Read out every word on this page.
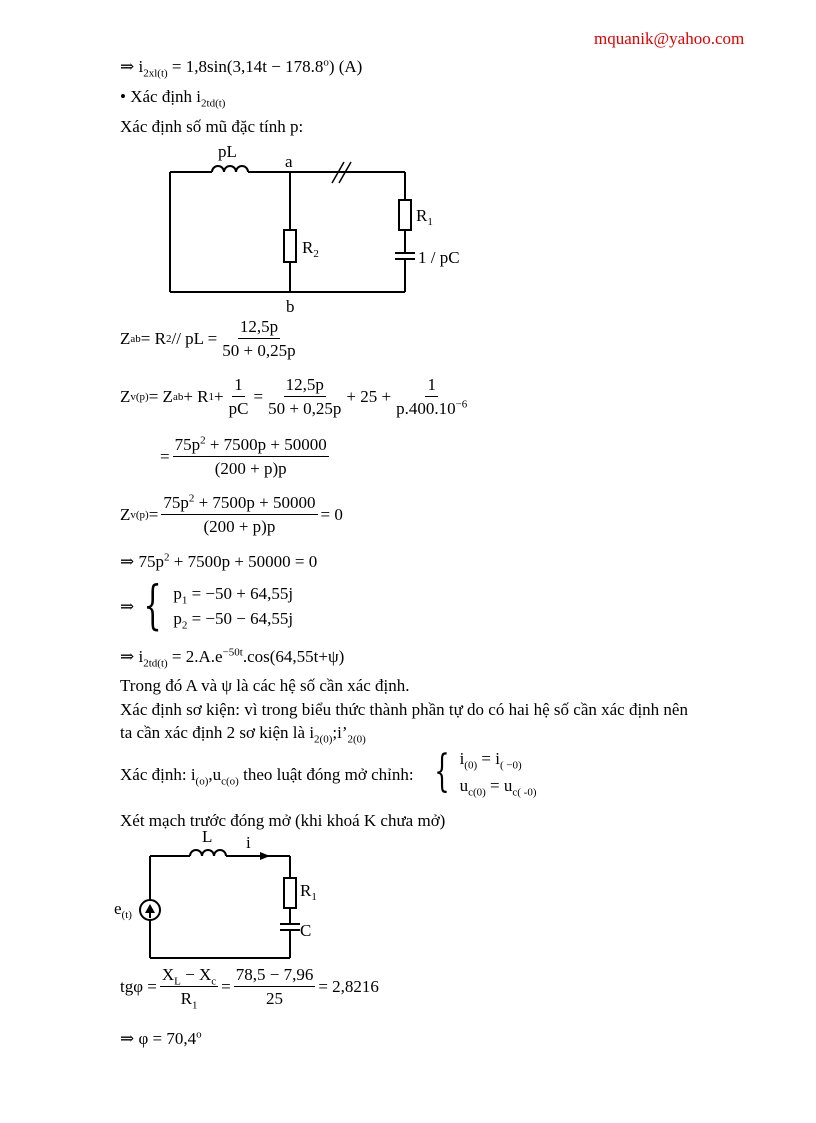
mquanik@yahoo.com
⇒ $i_{2xl(t)} = 1,8\sin(3,14t - 178.8^o)$ (A)
• Xác định $i_{2td(t)}$
Xác định số mũ đặc tính p:
pL
a
b
$R_1$
$R_2$	1 / pC
Z ab = R 2 // pL = $\frac{12,5p}{50 + 0,25p}$
Z v(p) = Z ab + R $1 + \frac{1}{pC} = \frac{12,5p}{50 + 0,25p} + 25 + \frac{1}{p.400.10^{-6}}$
= $\frac{75p^2 + 7500p + 50000}{(200 + p)p}$
Z $v(p) = \frac{75p^2 + 7500p + 50000}{(200 + p)p} = 0$
⇒ $75p^2 + 7500p + 50000 = 0$
⇒ { $p_1 = -50 + 64,55j$
$p_2 = -50 - 64,55j$
⇒ $i_{2td(t)} = 2.A.e^{-50t}.\cos(64,55t+\psi)$
Trong đó A và ψ là các hệ số cần xác định.
Xác định sơ kiện: vì trong biểu thức thành phần tự do có hai hệ số cần xác định nên
ta cần xác định 2 sơ kiện là $i_{2(0)};i’_{2(0)}$
Xác định: $i_{(o)},u_{c(o)}$ theo luật đóng mở chỉnh: { $i_{(0)} = i_{( -0)}$
$u_{c(0)} = u_{c( -0)}$
Xét mạch trước đóng mở (khi khoá K chưa mở)
L i
$e_{(t)}$
$R_1$
C
$tg\varphi = \frac{X_L - X_c}{R_1} = \frac{78,5 - 7,96}{25} = 2,8216$
⇒ $\varphi = 70,4^o$
